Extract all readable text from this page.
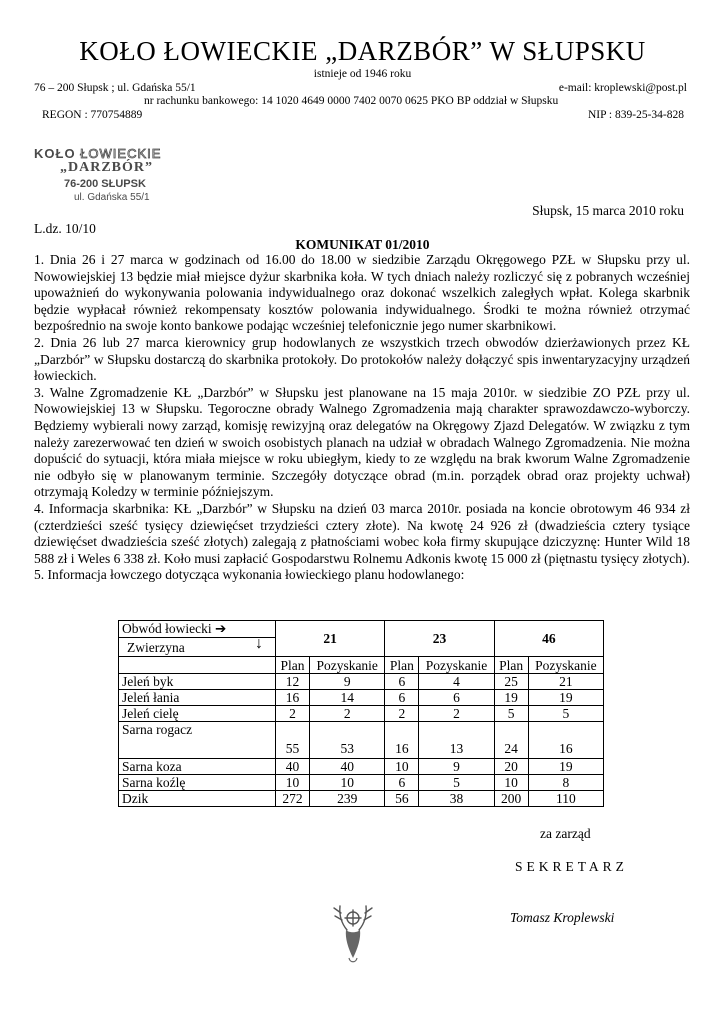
KOŁO ŁOWIECKIE „DARZBÓR” W SŁUPSKU
istnieje od 1946 roku
76 – 200 Słupsk ; ul. Gdańska 55/1	e-mail: kroplewski@post.pl
nr rachunku bankowego: 14 1020 4649 0000 7402 0070 0625 PKO BP oddział w Słupsku
REGON : 770754889	NIP : 839-25-34-828
KOŁO ŁOWIECKIE
„DARZBÓR”
76-200 SŁUPSK
ul. Gdańska 55/1
Słupsk, 15 marca 2010 roku
L.dz. 10/10
KOMUNIKAT 01/2010

1. Dnia 26 i 27 marca w godzinach od 16.00 do 18.00 w siedzibie Zarządu Okręgowego PZŁ w Słupsku przy ul. Nowowiejskiej 13 będzie miał miejsce dyżur skarbnika koła. W tych dniach należy rozliczyć się z pobranych wcześniej upoważnień do wykonywania polowania indywidualnego oraz dokonać wszelkich zaległych wpłat. Kolega skarbnik będzie wypłacał również rekompensaty kosztów polowania indywidualnego. Środki te można również otrzymać bezpośrednio na swoje konto bankowe podając wcześniej telefonicznie jego numer skarbnikowi.

2. Dnia 26 lub 27 marca kierownicy grup hodowlanych ze wszystkich trzech obwodów dzierżawionych przez KŁ „Darzbór” w Słupsku dostarczą do skarbnika protokoły. Do protokołów należy dołączyć spis inwentaryzacyjny urządzeń łowieckich.

3. Walne Zgromadzenie KŁ „Darzbór” w Słupsku jest planowane na 15 maja 2010r. w siedzibie ZO PZŁ przy ul. Nowowiejskiej 13 w Słupsku. Tegoroczne obrady Walnego Zgromadzenia mają charakter sprawozdawczo-wyborczy. Będziemy wybierali nowy zarząd, komisję rewizyjną oraz delegatów na Okręgowy Zjazd Delegatów. W związku z tym należy zarezerwować ten dzień w swoich osobistych planach na udział w obradach Walnego Zgromadzenia. Nie można dopuścić do sytuacji, która miała miejsce w roku ubiegłym, kiedy to ze względu na brak kworum Walne Zgromadzenie nie odbyło się w planowanym terminie. Szczegóły dotyczące obrad (m.in. porządek obrad oraz projekty uchwał) otrzymają Koledzy w terminie późniejszym.

4. Informacja skarbnika: KŁ „Darzbór” w Słupsku na dzień 03 marca 2010r. posiada na koncie obrotowym 46 934 zł (czterdzieści sześć tysięcy dziewięćset trzydzieści cztery złote). Na kwotę 24 926 zł (dwadzieścia cztery tysiące dziewięćset dwadzieścia sześć złotych) zalegają z płatnościami wobec koła firmy skupujące dziczyznę: Hunter Wild 18 588 zł i Weles 6 338 zł. Koło musi zapłacić Gospodarstwu Rolnemu Adkonis kwotę 15 000 zł (piętnastu tysięcy złotych).

5. Informacja łowczego dotycząca wykonania łowieckiego planu hodowlanego:

Obwód łowiecki ➔
Zwierzyna ↓	21		23		46	
	Plan	Pozyskanie	Plan	Pozyskanie	Plan	Pozyskanie
Jeleń byk	12	9	6	4	25	21
Jeleń łania	16	14	6	6	19	19
Jeleń cielę	2	2	2	2	5	5
Sarna rogacz	55	53	16	13	24	16
Sarna koza	40	40	10	9	20	19
Sarna koźlę	10	10	6	5	10	8
Dzik	272	239	56	38	200	110
za zarząd
SEKRETARZ
Tomasz Kroplewski
